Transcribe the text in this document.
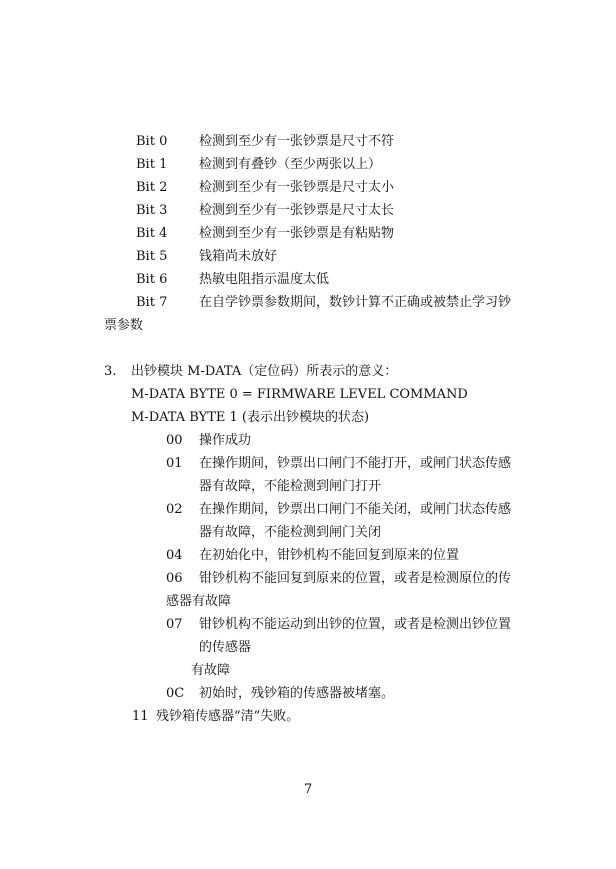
Bit 0 检测到至少有一张钞票是尺寸不符
Bit 1 检测到有叠钞（至少两张以上）
Bit 2 检测到至少有一张钞票是尺寸太小
Bit 3 检测到至少有一张钞票是尺寸太长
Bit 4 检测到至少有一张钞票是有粘贴物
Bit 5 钱箱尚未放好
Bit 6 热敏电阻指示温度太低
Bit 7 在自学钞票参数期间，数钞计算不正确或被禁止学习钞
票参数
3. 出钞模块 M-DATA（定位码）所表示的意义：
M-DATA BYTE 0 = FIRMWARE LEVEL COMMAND
M-DATA BYTE 1 (表示出钞模块的状态)
00 操作成功
01 在操作期间，钞票出口闸门不能打开，或闸门状态传感
器有故障，不能检测到闸门打开
02 在操作期间，钞票出口闸门不能关闭，或闸门状态传感
器有故障，不能检测到闸门关闭
04 在初始化中，钳钞机构不能回复到原来的位置
06 钳钞机构不能回复到原来的位置，或者是检测原位的传
感器有故障
07 钳钞机构不能运动到出钞的位置，或者是检测出钞位置
的传感器
有故障
0C 初始时，残钞箱的传感器被堵塞。
11 残钞箱传感器“清”失败。
7
